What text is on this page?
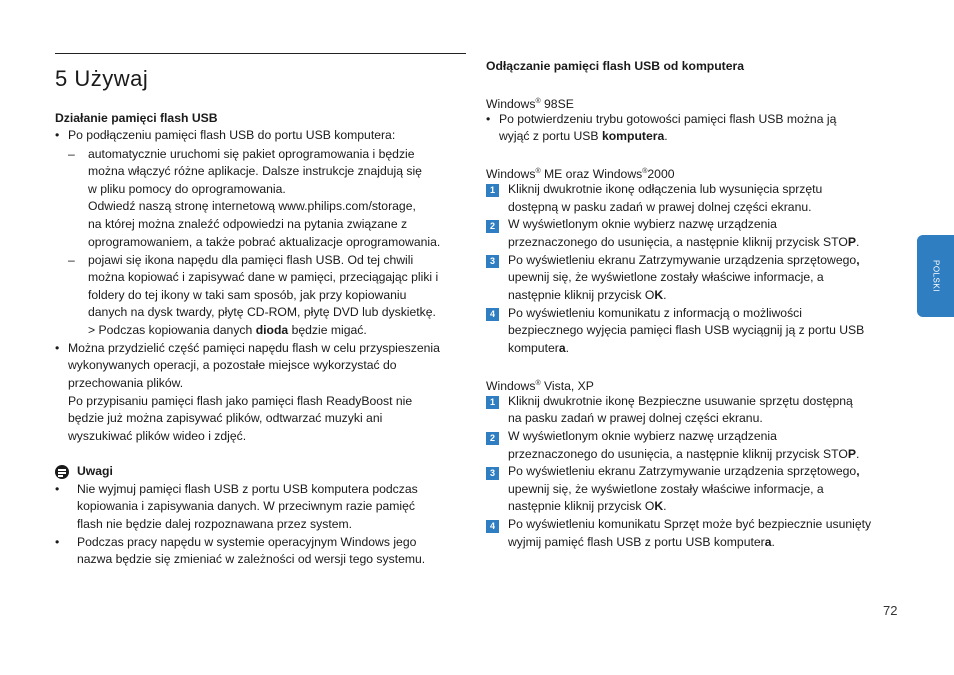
5 Używaj
Działanie pamięci flash USB
• Po podłączeniu pamięci flash USB do portu USB komputera:
– automatycznie uruchomi się pakiet oprogramowania i będzie
można włączyć różne aplikacje. Dalsze instrukcje znajdują się
w pliku pomocy do oprogramowania.
Odwiedź naszą stronę internetową www.philips.com/storage,
na której można znaleźć odpowiedzi na pytania związane z
oprogramowaniem, a także pobrać aktualizacje oprogramowania.
– pojawi się ikona napędu dla pamięci flash USB. Od tej chwili
można kopiować i zapisywać dane w pamięci, przeciągając pliki i
foldery do tej ikony w taki sam sposób, jak przy kopiowaniu
danych na dysk twardy, płytę CD-ROM, płytę DVD lub dyskietkę.
> Podczas kopiowania danych dioda będzie migać.
• Można przydzielić część pamięci napędu flash w celu przyspieszenia
wykonywanych operacji, a pozostałe miejsce wykorzystać do
przechowania plików.
Po przypisaniu pamięci flash jako pamięci flash ReadyBoost nie
będzie już można zapisywać plików, odtwarzać muzyki ani
wyszukiwać plików wideo i zdjęć.
Uwagi
• Nie wyjmuj pamięci flash USB z portu USB komputera podczas
kopiowania i zapisywania danych. W przeciwnym razie pamięć
flash nie będzie dalej rozpoznawana przez system.
• Podczas pracy napędu w systemie operacyjnym Windows jego
nazwa będzie się zmieniać w zależności od wersji tego systemu.
Odłączanie pamięci flash USB od komputera
Windows® 98SE
• Po potwierdzeniu trybu gotowości pamięci flash USB można ją
wyjąć z portu USB komputera.
Windows® ME oraz Windows®2000
1	Kliknij dwukrotnie ikonę odłączenia lub wysunięcia sprzętu
dostępną w pasku zadań w prawej dolnej części ekranu.
2	W wyświetlonym oknie wybierz nazwę urządzenia
przeznaczonego do usunięcia, a następnie kliknij przycisk STOP.
3	Po wyświetleniu ekranu Zatrzymywanie urządzenia sprzętowego,
upewnij się, że wyświetlone zostały właściwe informacje, a
następnie kliknij przycisk OK.
4	Po wyświetleniu komunikatu z informacją o możliwości
bezpiecznego wyjęcia pamięci flash USB wyciągnij ją z portu USB
komputera.
Windows® Vista, XP
1	Kliknij dwukrotnie ikonę Bezpieczne usuwanie sprzętu dostępną
na pasku zadań w prawej dolnej części ekranu.
2	W wyświetlonym oknie wybierz nazwę urządzenia
przeznaczonego do usunięcia, a następnie kliknij przycisk STOP.
3	Po wyświetleniu ekranu Zatrzymywanie urządzenia sprzętowego,
upewnij się, że wyświetlone zostały właściwe informacje, a
następnie kliknij przycisk OK.
4	Po wyświetleniu komunikatu Sprzęt może być bezpiecznie usunięty
wyjmij pamięć flash USB z portu USB komputera.
POLSKI
72
